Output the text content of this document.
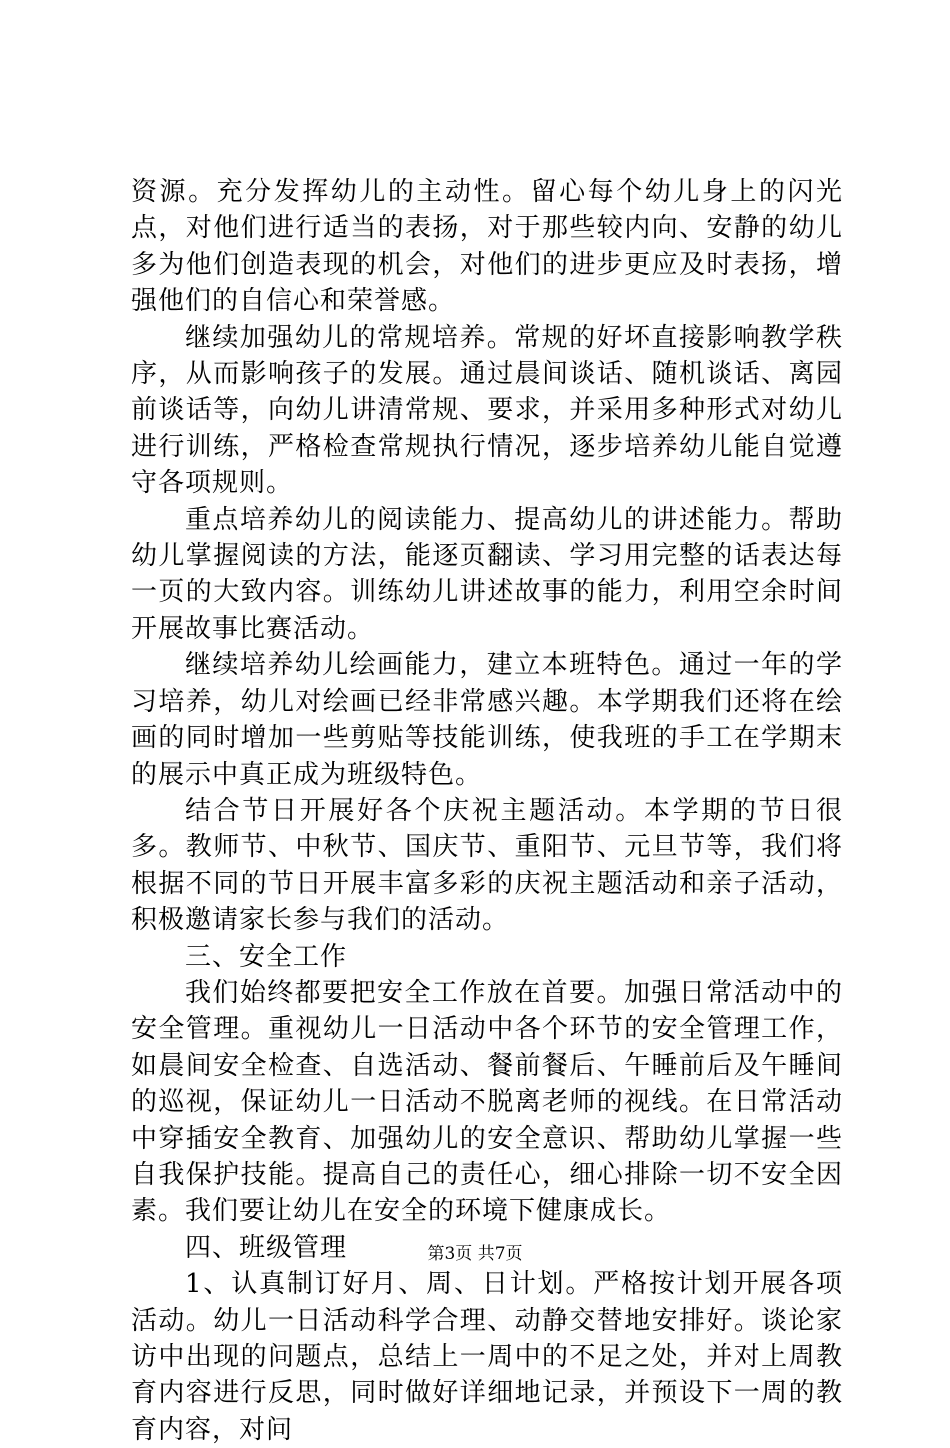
资源。充分发挥幼儿的主动性。留心每个幼儿身上的闪光点，对他们进行适当的表扬，对于那些较内向、安静的幼儿多为他们创造表现的机会，对他们的进步更应及时表扬，增强他们的自信心和荣誉感。

继续加强幼儿的常规培养。常规的好坏直接影响教学秩序，从而影响孩子的发展。通过晨间谈话、随机谈话、离园前谈话等，向幼儿讲清常规、要求，并采用多种形式对幼儿进行训练，严格检查常规执行情况，逐步培养幼儿能自觉遵守各项规则。

重点培养幼儿的阅读能力、提高幼儿的讲述能力。帮助幼儿掌握阅读的方法，能逐页翻读、学习用完整的话表达每一页的大致内容。训练幼儿讲述故事的能力，利用空余时间开展故事比赛活动。

继续培养幼儿绘画能力，建立本班特色。通过一年的学习培养，幼儿对绘画已经非常感兴趣。本学期我们还将在绘画的同时增加一些剪贴等技能训练，使我班的手工在学期末的展示中真正成为班级特色。

结合节日开展好各个庆祝主题活动。本学期的节日很多。教师节、中秋节、国庆节、重阳节、元旦节等，我们将根据不同的节日开展丰富多彩的庆祝主题活动和亲子活动，积极邀请家长参与我们的活动。

三、安全工作

我们始终都要把安全工作放在首要。加强日常活动中的安全管理。重视幼儿一日活动中各个环节的安全管理工作，如晨间安全检查、自选活动、餐前餐后、午睡前后及午睡间的巡视，保证幼儿一日活动不脱离老师的视线。在日常活动中穿插安全教育、加强幼儿的安全意识、帮助幼儿掌握一些自我保护技能。提高自己的责任心，细心排除一切不安全因素。我们要让幼儿在安全的环境下健康成长。

四、班级管理

1、认真制订好月、周、日计划。严格按计划开展各项活动。幼儿一日活动科学合理、动静交替地安排好。谈论家访中出现的问题点，总结上一周中的不足之处，并对上周教育内容进行反思，同时做好详细地记录，并预设下一周的教育内容，对问

第3页 共7页
